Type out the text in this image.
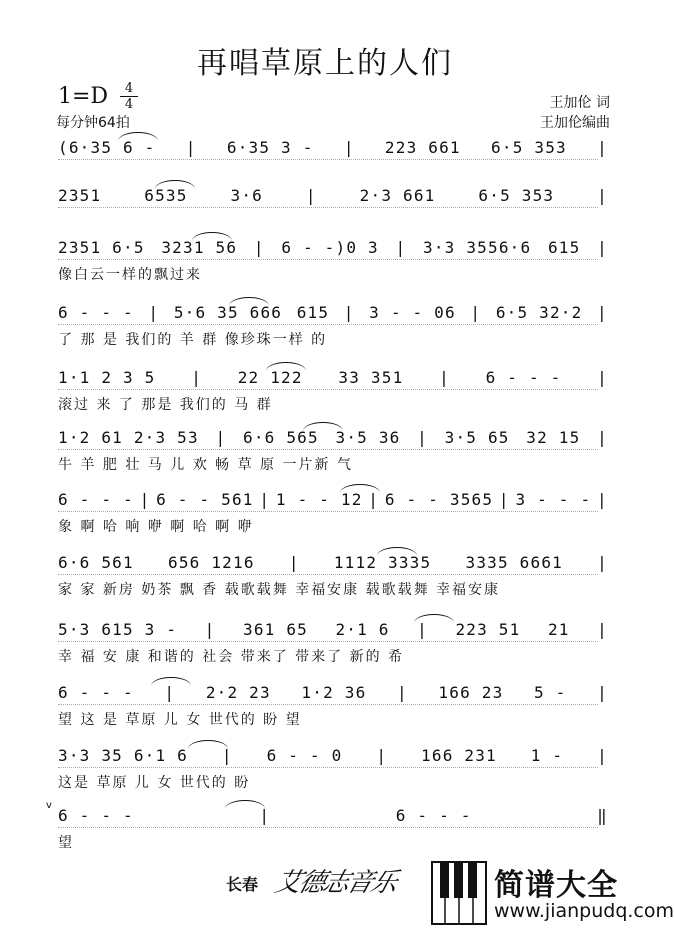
再唱草原上的人们
1=D	4
4
每分钟64拍
王加伦 词
王加伦编曲
(6·35 6 - | 6·35 3 - | 223 661 6·5 353 |
2351	6535	3·6	|	2·3 661	6·5 353	|
2351 6·5 3231 56 | 6 - -)0 3 | 3·3 3556·6 615 |
像白云一样的飘过来
6 - - - | 5·6 35 666 615 | 3 - - 06 | 6·5 32·2 |
了 那 是 我们的 羊 群 像珍珠一样 的
1·1 2 3 5 | 22 122 33 351 | 6 - - - |
滚过 来 了 那是 我们的 马 群
1·2 61 2·3 53 | 6·6 565 3·5 36 | 3·5 65 32 15 |
牛 羊 肥 壮 马 儿 欢 畅 草 原 一片新 气
6 - - - | 6 - - 561 | 1 - - 12 | 6 - - 3565 | 3 - - - |
象 啊 哈 响 咿 啊 哈 啊 咿
6·6 561 656 1216 | 1112 3335 3335 6661 |
家 家 新房 奶茶 飘 香 载歌载舞 幸福安康 载歌载舞 幸福安康
5·3 615 3 - | 361 65 2·1 6 | 223 51 21 |
幸 福 安 康 和谐的 社会 带来了 带来了 新的 希
6 - - - | 2·2 23 1·2 36 | 166 23 5 - |
望 这 是 草原 儿 女 世代的 盼 望
3·3 35 6·1 6 | 6 - - 0 | 166 231 1 - |
这是 草原 儿 女 世代的 盼
6 - - -	|	6 - - -	‖
望
v
长春 艾德志音乐	简谱大全
www.jianpudq.com
